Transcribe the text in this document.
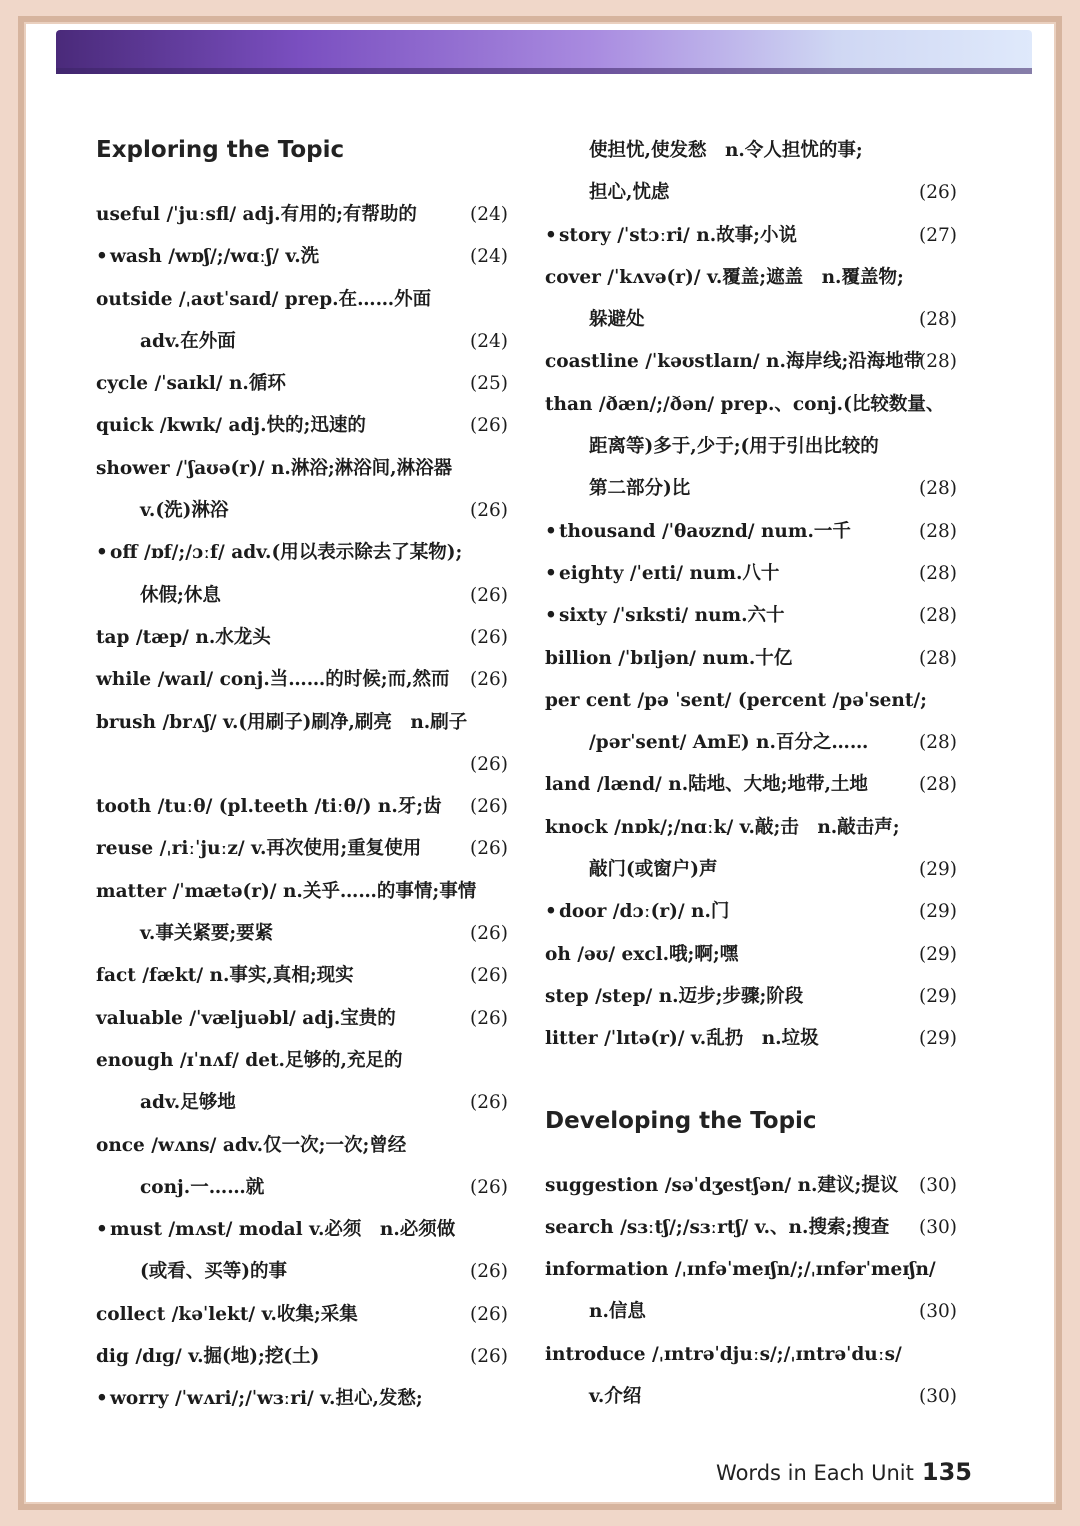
Exploring the Topic
useful /ˈjuːsfl/ adj.有用的;有帮助的	(24)
• wash /wɒʃ/;/wɑːʃ/ v.洗	(24)
outside /ˌaʊtˈsaɪd/ prep.在……外面
adv.在外面	(24)
cycle /ˈsaɪkl/ n.循环	(25)
quick /kwɪk/ adj.快的;迅速的	(26)
shower /ˈʃaʊə(r)/ n.淋浴;淋浴间,淋浴器
v.(洗)淋浴	(26)
• off /ɒf/;/ɔːf/ adv.(用以表示除去了某物);
休假;休息	(26)
tap /tæp/ n.水龙头	(26)
while /waɪl/ conj.当……的时候;而,然而 (26)
brush /brʌʃ/ v.(用刷子)刷净,刷亮　n.刷子
(26)
tooth /tuːθ/ (pl.teeth /tiːθ/) n.牙;齿 (26)
reuse /ˌriːˈjuːz/ v.再次使用;重复使用	(26)
matter /ˈmætə(r)/ n.关乎……的事情;事情
v.事关紧要;要紧	(26)
fact /fækt/ n.事实,真相;现实	(26)
valuable /ˈvæljuəbl/ adj.宝贵的	(26)
enough /ɪˈnʌf/ det.足够的,充足的
adv.足够地	(26)
once /wʌns/ adv.仅一次;一次;曾经
conj.一……就	(26)
• must /mʌst/ modal v.必须　n.必须做
(或看、买等)的事	(26)
collect /kəˈlekt/ v.收集;采集	(26)
dig /dɪɡ/ v.掘(地);挖(土)	(26)
• worry /ˈwʌri/;/ˈwɜːri/ v.担心,发愁;
使担忧,使发愁　n.令人担忧的事;
担心,忧虑	(26)
• story /ˈstɔːri/ n.故事;小说	(27)
cover /ˈkʌvə(r)/ v.覆盖;遮盖　n.覆盖物;
躲避处	(28)
coastline /ˈkəʊstlaɪn/ n.海岸线;沿海地带
(28)
than /ðæn/;/ðən/ prep.、conj.(比较数量、
距离等)多于,少于;(用于引出比较的
第二部分)比	(28)
• thousand /ˈθaʊznd/ num.一千	(28)
• eighty /ˈeɪti/ num.八十	(28)
• sixty /ˈsɪksti/ num.六十	(28)
billion /ˈbɪljən/ num.十亿	(28)
per cent /pə ˈsent/ (percent /pəˈsent/;
/pərˈsent/ AmE) n.百分之……	(28)
land /lænd/ n.陆地、大地;地带,土地	(28)
knock /nɒk/;/nɑːk/ v.敲;击　n.敲击声;
敲门(或窗户)声	(29)
• door /dɔː(r)/ n.门	(29)
oh /əʊ/ excl.哦;啊;嘿	(29)
step /step/ n.迈步;步骤;阶段	(29)
litter /ˈlɪtə(r)/ v.乱扔　n.垃圾	(29)
Developing the Topic
suggestion /səˈdʒestʃən/ n.建议;提议 (30)
search /sɜːtʃ/;/sɜːrtʃ/ v.、n.搜索;搜查 (30)
information /ˌɪnfəˈmeɪʃn/;/ˌɪnfərˈmeɪʃn/
n.信息	(30)
introduce /ˌɪntrəˈdjuːs/;/ˌɪntrəˈduːs/
v.介绍	(30)
Words in Each Unit 135
